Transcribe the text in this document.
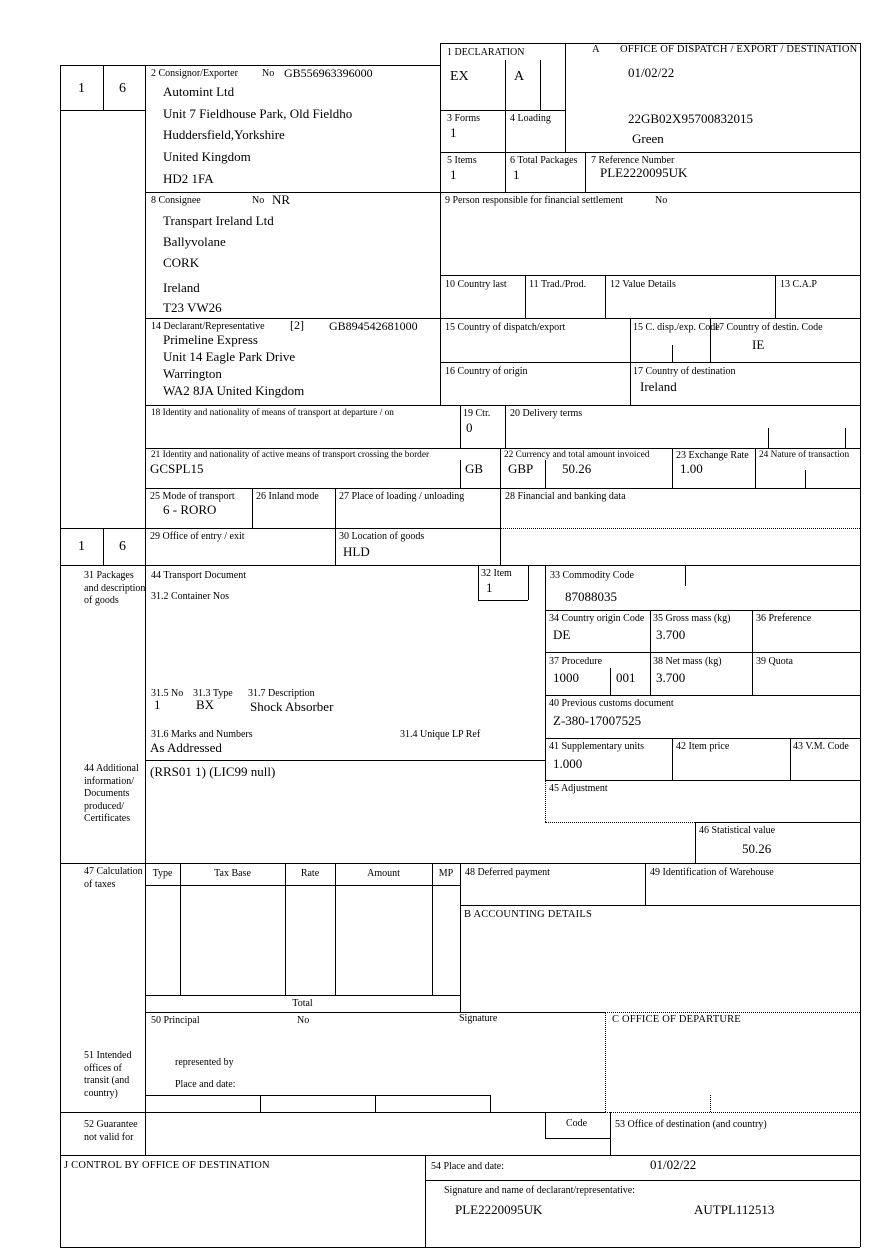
1 6
1 DECLARATION
EX	A
A OFFICE OF DISPATCH / EXPORT / DESTINATION
01/02/22
22GB02X95700832015
Green
2 Consignor/Exporter No GB556963396000
Automint Ltd
Unit 7 Fieldhouse Park, Old Fieldho
Huddersfield,Yorkshire
United Kingdom
HD2 1FA
3 Forms
1
4 Loading
5 Items
1
6 Total Packages
1
7 Reference Number
PLE2220095UK
8 Consignee	No NR
Transpart Ireland Ltd
Ballyvolane
CORK
Ireland
T23 VW26
9 Person responsible for financial settlement	No
10 Country last 11 Trad./Prod. 12 Value Details	13 C.A.P
14 Declarant/Representative [2] GB894542681000
Primeline Express
Unit 14 Eagle Park Drive
Warrington
WA2 8JA United Kingdom
15 Country of dispatch/export	15 C. disp./exp. Code
17 Country of destin. Code
IE
16 Country of origin	17 Country of destination
Ireland
18 Identity and nationality of means of transport at departure / on	19 Ctr.
0
20 Delivery terms
21 Identity and nationality of active means of transport crossing the border
GCSPL15	GB
22 Currency and total amount invoiced
GBP 50.26
23 Exchange Rate
1.00
24 Nature of transaction
25 Mode of transport
6 - RORO
26 Inland mode 27 Place of loading / unloading	28 Financial and banking data
29 Office of entry / exit	30 Location of goods
HLD
1 6
31 Packages and description of goods
44 Transport Document
31.2 Container Nos
32 Item
1
33 Commodity Code
87088035
34 Country origin Code
DE
35 Gross mass (kg)
3.700
36 Preference
37 Procedure
1000	001
38 Net mass (kg)
3.700
39 Quota
31.5 No
1
31.3 Type
BX
31.7 Description
Shock Absorber	40 Previous customs document
Z-380-17007525
31.6 Marks and Numbers
As Addressed
31.4 Unique LP Ref
41 Supplementary units
1.000
42 Item price	43 V.M. Code
44 Additional information/ Documents produced/ Certificates
(RRS01 1) (LIC99 null)
45 Adjustment
46 Statistical value
50.26
47 Calculation of taxes
Type	Tax Base	Rate	Amount	MP
Total
48 Deferred payment	49 Identification of Warehouse
B ACCOUNTING DETAILS
50 Principal	No	Signature	C OFFICE OF DEPARTURE
51 Intended offices of transit (and country)
represented by
Place and date:
52 Guarantee not valid for
Code	53 Office of destination (and country)
J CONTROL BY OFFICE OF DESTINATION	54 Place and date:	01/02/22
Signature and name of declarant/representative:
PLE2220095UK	AUTPL112513
